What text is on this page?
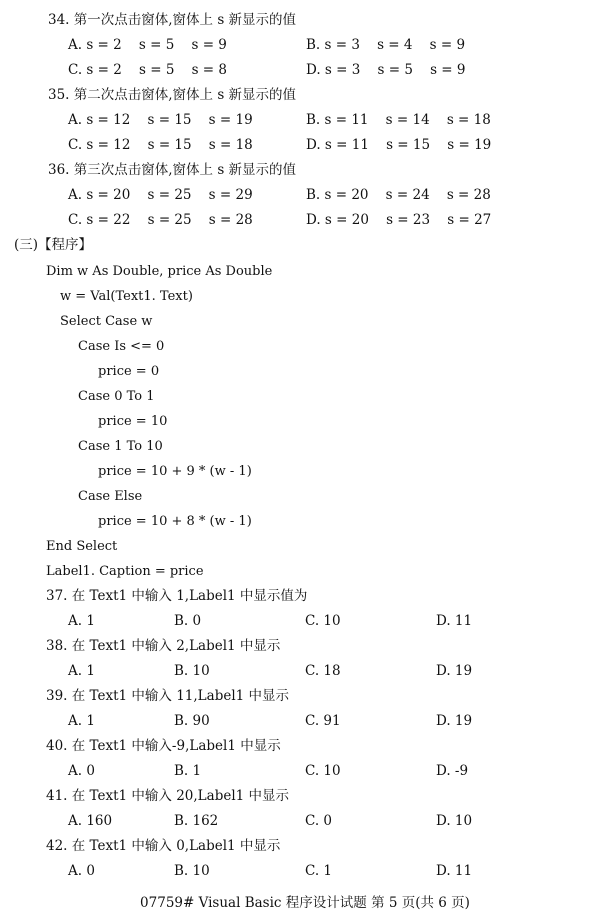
34. 第一次点击窗体,窗体上 s 新显示的值
A. s = 2    s = 5    s = 9	B. s = 3    s = 4    s = 9
C. s = 2    s = 5    s = 8	D. s = 3    s = 5    s = 9
35. 第二次点击窗体,窗体上 s 新显示的值
A. s = 12    s = 15    s = 19	B. s = 11    s = 14    s = 18
C. s = 12    s = 15    s = 18	D. s = 11    s = 15    s = 19
36. 第三次点击窗体,窗体上 s 新显示的值
A. s = 20    s = 25    s = 29	B. s = 20    s = 24    s = 28
C. s = 22    s = 25    s = 28	D. s = 20    s = 23    s = 27
(三)【程序】
Dim w As Double, price As Double
w = Val(Text1. Text)
Select Case w
Case Is <= 0
price = 0
Case 0 To 1
price = 10
Case 1 To 10
price = 10 + 9 * (w - 1)
Case Else
price = 10 + 8 * (w - 1)
End Select
Label1. Caption = price
37. 在 Text1 中输入 1,Label1 中显示值为
A. 1	B. 0	C. 10	D. 11
38. 在 Text1 中输入 2,Label1 中显示
A. 1	B. 10	C. 18	D. 19
39. 在 Text1 中输入 11,Label1 中显示
A. 1	B. 90	C. 91	D. 19
40. 在 Text1 中输入-9,Label1 中显示
A. 0	B. 1	C. 10	D. -9
41. 在 Text1 中输入 20,Label1 中显示
A. 160	B. 162	C. 0	D. 10
42. 在 Text1 中输入 0,Label1 中显示
A. 0	B. 10	C. 1	D. 11
07759# Visual Basic 程序设计试题 第 5 页(共 6 页)
